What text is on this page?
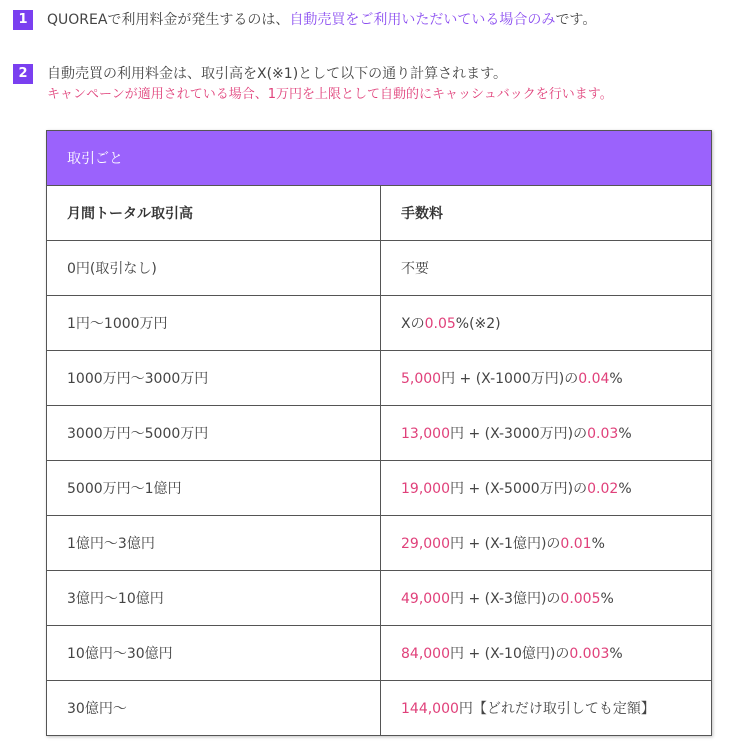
1	QUOREAで利用料金が発生するのは、自動売買をご利用いただいている場合のみです。
2	自動売買の利用料金は、取引高をX(※1)として以下の通り計算されます。
キャンペーンが適用されている場合、1万円を上限として自動的にキャッシュバックを行います。
取引ごと	
月間トータル取引高	手数料
0円(取引なし)	不要
1円〜1000万円	Xの0.05%(※2)
1000万円〜3000万円	5,000円 + (X-1000万円)の0.04%
3000万円〜5000万円	13,000円 + (X-3000万円)の0.03%
5000万円〜1億円	19,000円 + (X-5000万円)の0.02%
1億円〜3億円	29,000円 + (X-1億円)の0.01%
3億円〜10億円	49,000円 + (X-3億円)の0.005%
10億円〜30億円	84,000円 + (X-10億円)の0.003%
30億円〜	144,000円【どれだけ取引しても定額】
